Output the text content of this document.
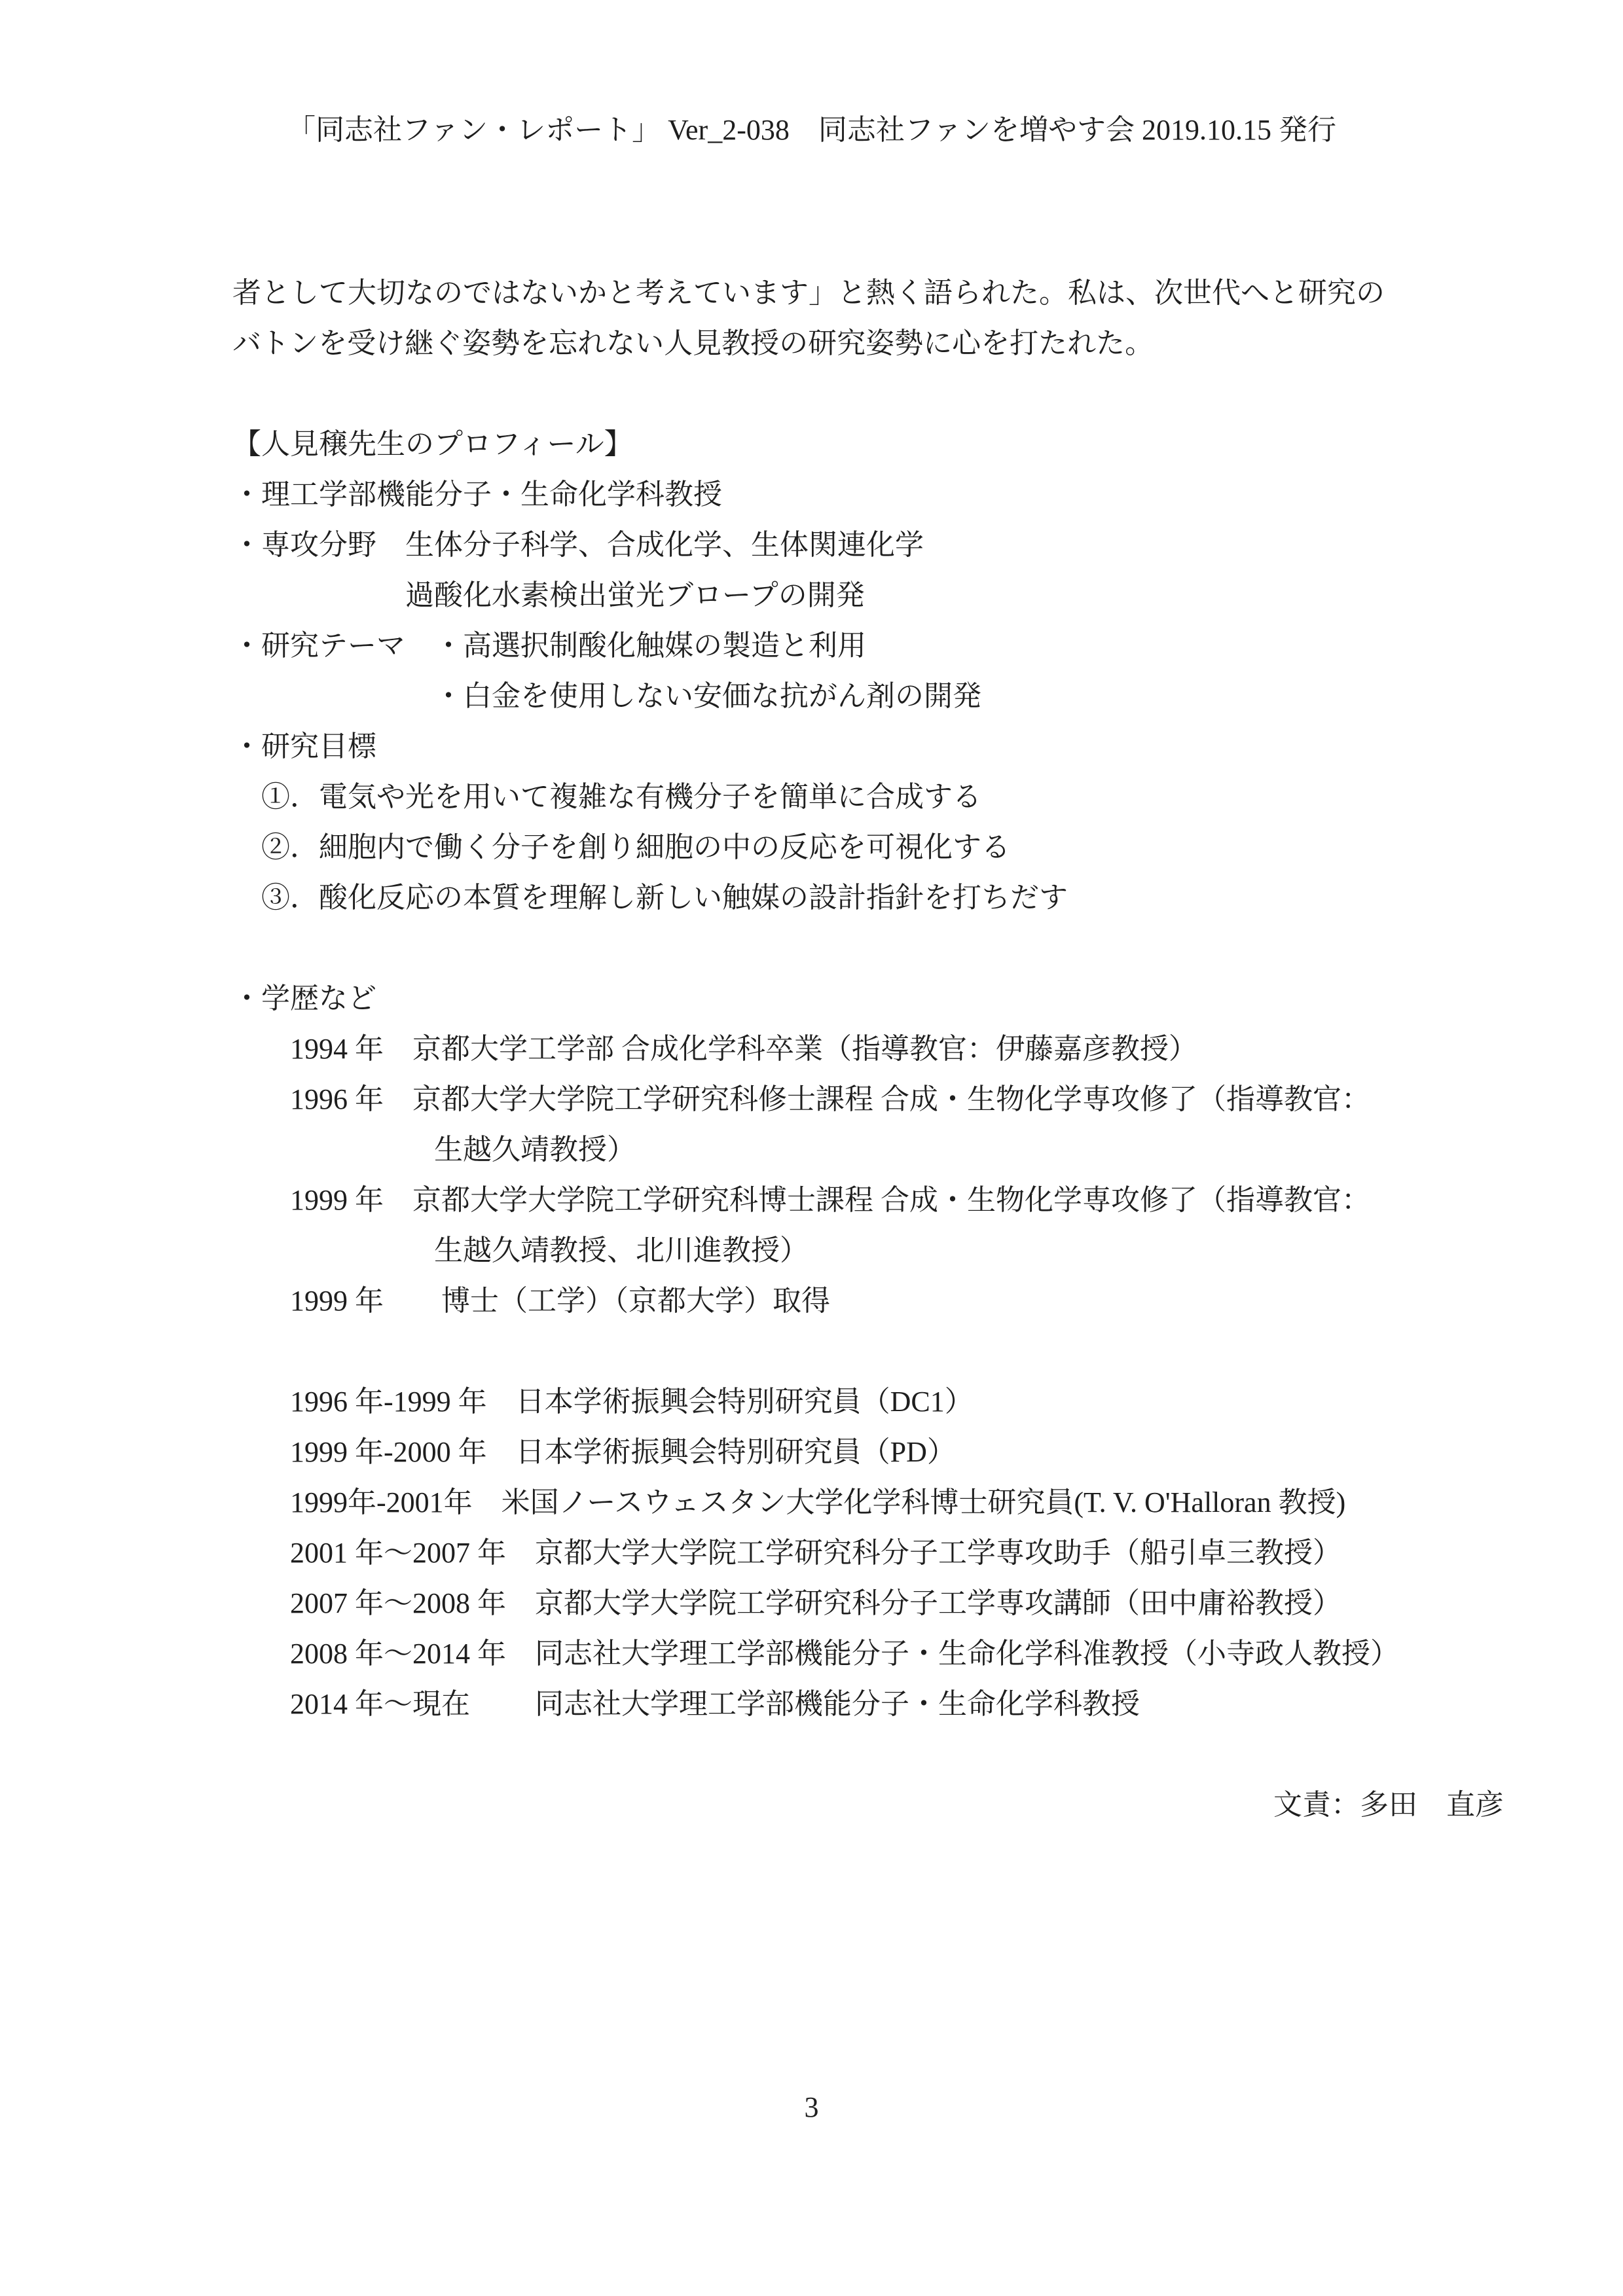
「同志社ファン・レポート」 Ver_2-038　同志社ファンを増やす会 2019.10.15 発行
者として大切なのではないかと考えています」と熱く語られた。私は、次世代へと研究の
バトンを受け継ぐ姿勢を忘れない人見教授の研究姿勢に心を打たれた。
【人見穣先生のプロフィール】
・理工学部機能分子・生命化学科教授
・専攻分野　生体分子科学、合成化学、生体関連化学
　　　　　　過酸化水素検出蛍光ブロープの開発
・研究テーマ　・高選択制酸化触媒の製造と利用
　　　　　　　・白金を使用しない安価な抗がん剤の開発
・研究目標
　①．電気や光を用いて複雑な有機分子を簡単に合成する
　②．細胞内で働く分子を創り細胞の中の反応を可視化する
　③．酸化反応の本質を理解し新しい触媒の設計指針を打ちだす
・学歴など
　　1994 年　京都大学工学部 合成化学科卒業（指導教官：伊藤嘉彦教授）
　　1996 年　京都大学大学院工学研究科修士課程 合成・生物化学専攻修了（指導教官：
　　　　　　　生越久靖教授）
　　1999 年　京都大学大学院工学研究科博士課程 合成・生物化学専攻修了（指導教官：
　　　　　　　生越久靖教授、北川進教授）
　　1999 年　　博士（工学）（京都大学）取得
　　1996 年-1999 年　日本学術振興会特別研究員（DC1）
　　1999 年-2000 年　日本学術振興会特別研究員（PD）
　　1999年-2001年　米国ノースウェスタン大学化学科博士研究員(T. V. O'Halloran 教授)
　　2001 年～2007 年　京都大学大学院工学研究科分子工学専攻助手（船引卓三教授）
　　2007 年～2008 年　京都大学大学院工学研究科分子工学専攻講師（田中庸裕教授）
　　2008 年～2014 年　同志社大学理工学部機能分子・生命化学科准教授（小寺政人教授）
　　2014 年～現在　　 同志社大学理工学部機能分子・生命化学科教授

文責：多田　直彦

3
